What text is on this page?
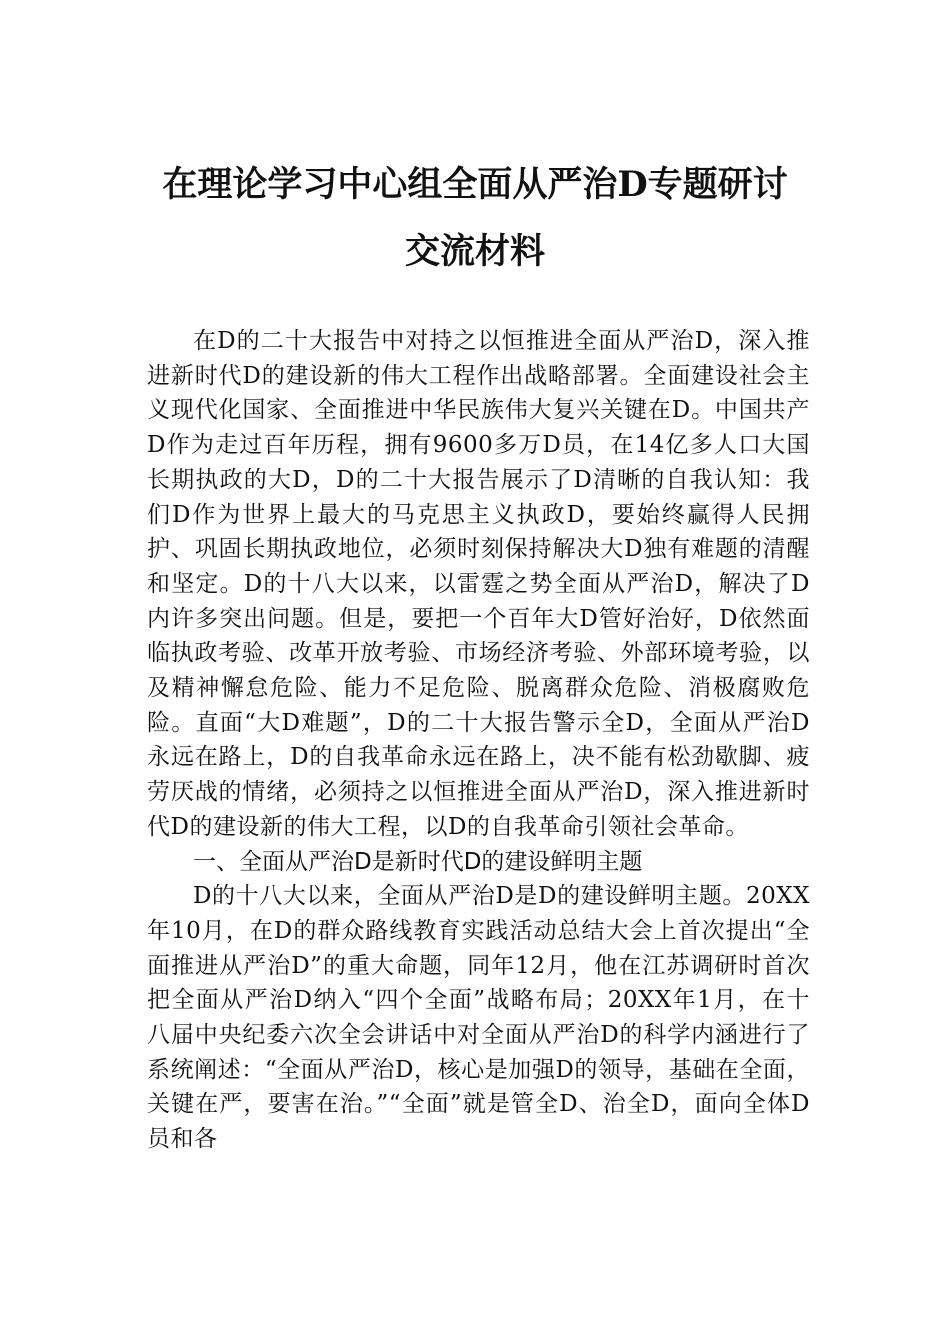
在理论学习中心组全面从严治D专题研讨
交流材料

在D的二十大报告中对持之以恒推进全面从严治D，深入推进新时代D的建设新的伟大工程作出战略部署。全面建设社会主义现代化国家、全面推进中华民族伟大复兴关键在D。中国共产D作为走过百年历程，拥有9600多万D员，在14亿多人口大国长期执政的大D，D的二十大报告展示了D清晰的自我认知：我们D作为世界上最大的马克思主义执政D，要始终赢得人民拥护、巩固长期执政地位，必须时刻保持解决大D独有难题的清醒和坚定。D的十八大以来，以雷霆之势全面从严治D，解决了D内许多突出问题。但是，要把一个百年大D管好治好，D依然面临执政考验、改革开放考验、市场经济考验、外部环境考验，以及精神懈怠危险、能力不足危险、脱离群众危险、消极腐败危险。直面“大D难题”，D的二十大报告警示全D，全面从严治D永远在路上，D的自我革命永远在路上，决不能有松劲歇脚、疲劳厌战的情绪，必须持之以恒推进全面从严治D，深入推进新时代D的建设新的伟大工程，以D的自我革命引领社会革命。

一、全面从严治D是新时代D的建设鲜明主题

D的十八大以来，全面从严治D是D的建设鲜明主题。20XX年10月，在D的群众路线教育实践活动总结大会上首次提出“全面推进从严治D”的重大命题，同年12月，他在江苏调研时首次把全面从严治D纳入“四个全面”战略布局；20XX年1月，在十八届中央纪委六次全会讲话中对全面从严治D的科学内涵进行了系统阐述：“全面从严治D，核心是加强D的领导，基础在全面，关键在严，要害在治。”“全面”就是管全D、治全D，面向全体D员和各
